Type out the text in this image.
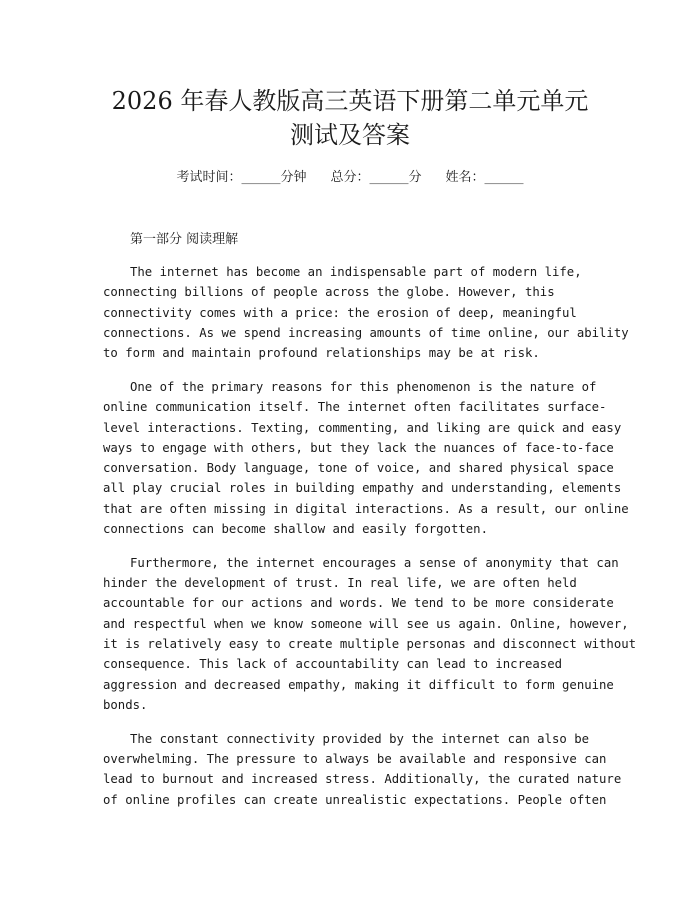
2026 年春人教版高三英语下册第二单元单元
测试及答案
考试时间：______分钟 总分：______分 姓名：______
第一部分 阅读理解

The internet has become an indispensable part of modern life,
connecting billions of people across the globe. However, this
connectivity comes with a price: the erosion of deep, meaningful
connections. As we spend increasing amounts of time online, our ability
to form and maintain profound relationships may be at risk.

One of the primary reasons for this phenomenon is the nature of
online communication itself. The internet often facilitates surface-
level interactions. Texting, commenting, and liking are quick and easy
ways to engage with others, but they lack the nuances of face-to-face
conversation. Body language, tone of voice, and shared physical space
all play crucial roles in building empathy and understanding, elements
that are often missing in digital interactions. As a result, our online
connections can become shallow and easily forgotten.

Furthermore, the internet encourages a sense of anonymity that can
hinder the development of trust. In real life, we are often held
accountable for our actions and words. We tend to be more considerate
and respectful when we know someone will see us again. Online, however,
it is relatively easy to create multiple personas and disconnect without
consequence. This lack of accountability can lead to increased
aggression and decreased empathy, making it difficult to form genuine
bonds.

The constant connectivity provided by the internet can also be
overwhelming. The pressure to always be available and responsive can
lead to burnout and increased stress. Additionally, the curated nature
of online profiles can create unrealistic expectations. People often
